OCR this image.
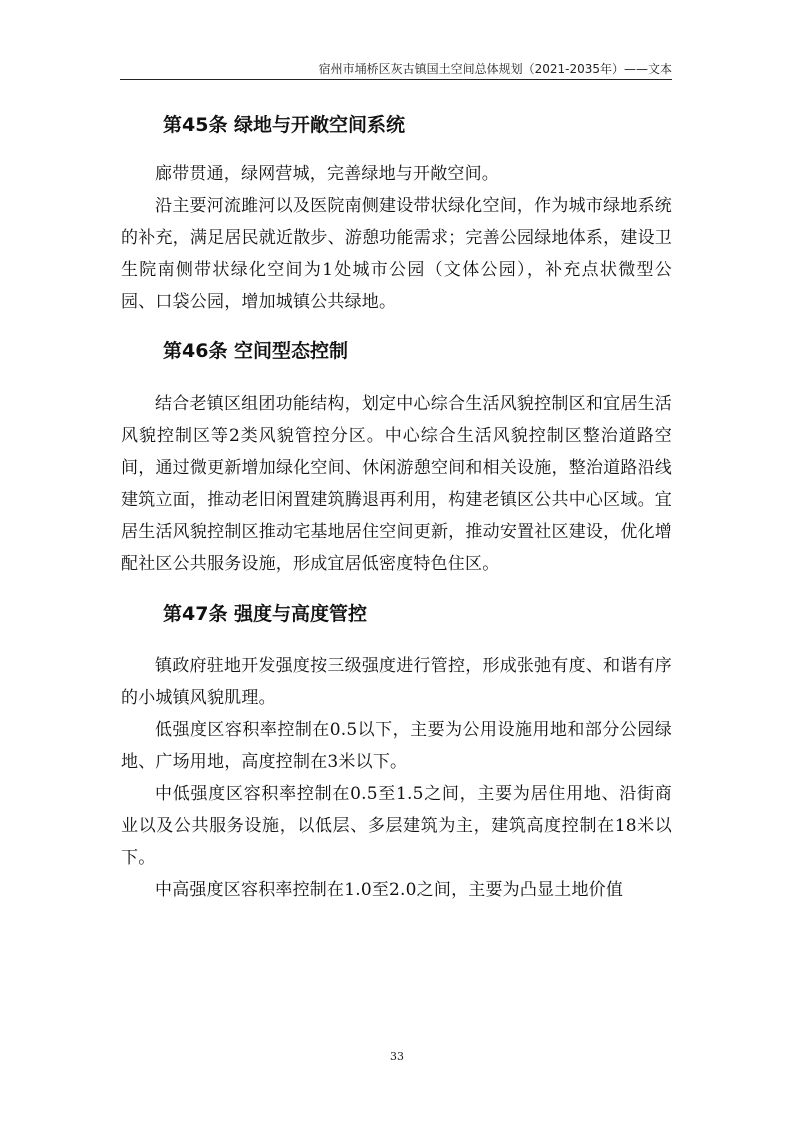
宿州市埇桥区灰古镇国土空间总体规划（2021-2035年）——文本
第45条 绿地与开敞空间系统

廊带贯通，绿网营城，完善绿地与开敞空间。

沿主要河流雎河以及医院南侧建设带状绿化空间，作为城市绿地系统的补充，满足居民就近散步、游憩功能需求；完善公园绿地体系，建设卫生院南侧带状绿化空间为1处城市公园（文体公园），补充点状微型公园、口袋公园，增加城镇公共绿地。

第46条 空间型态控制

结合老镇区组团功能结构，划定中心综合生活风貌控制区和宜居生活风貌控制区等2类风貌管控分区。中心综合生活风貌控制区整治道路空间，通过微更新增加绿化空间、休闲游憩空间和相关设施，整治道路沿线建筑立面，推动老旧闲置建筑腾退再利用，构建老镇区公共中心区域。宜居生活风貌控制区推动宅基地居住空间更新，推动安置社区建设，优化增配社区公共服务设施，形成宜居低密度特色住区。

第47条 强度与高度管控

镇政府驻地开发强度按三级强度进行管控，形成张弛有度、和谐有序的小城镇风貌肌理。

低强度区容积率控制在0.5以下，主要为公用设施用地和部分公园绿地、广场用地，高度控制在3米以下。

中低强度区容积率控制在0.5至1.5之间，主要为居住用地、沿街商业以及公共服务设施，以低层、多层建筑为主，建筑高度控制在18米以下。

中高强度区容积率控制在1.0至2.0之间，主要为凸显土地价值

33
